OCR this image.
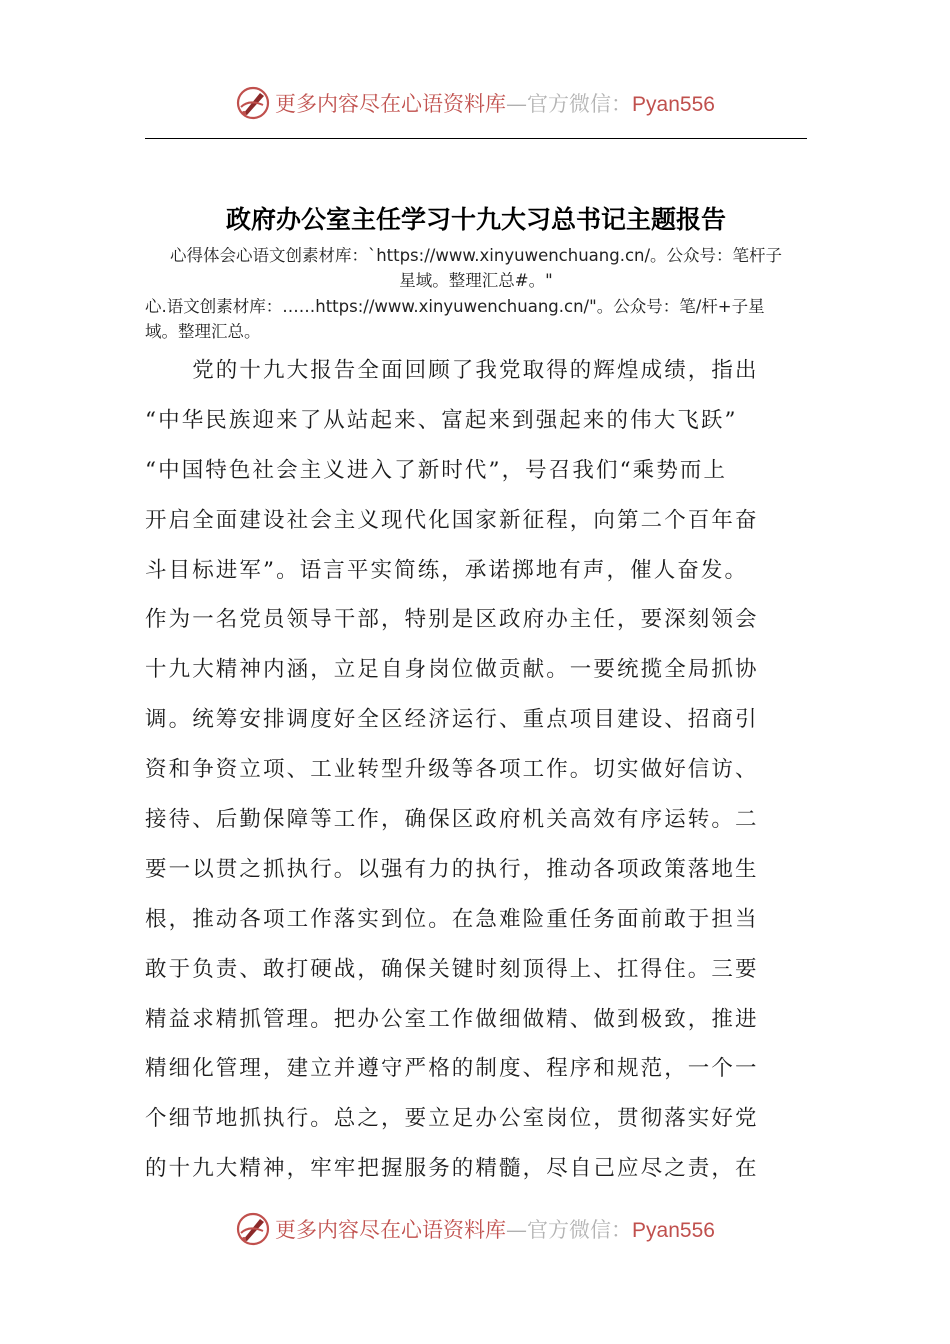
更多内容尽在心语资料库—官方微信：Pyan556
政府办公室主任学习十九大习总书记主题报告
心得体会心语文创素材库：`https://www.xinyuwenchuang.cn/。公众号：笔杆子
星域。整理汇总#。"
心.语文创素材库：……https://www.xinyuwenchuang.cn/"。公众号：笔/杆+子星
域。整理汇总。
　　党的十九大报告全面回顾了我党取得的辉煌成绩，指出
“中华民族迎来了从站起来、富起来到强起来的伟大飞跃”
“中国特色社会主义进入了新时代”，号召我们“乘势而上
开启全面建设社会主义现代化国家新征程，向第二个百年奋
斗目标进军”。语言平实简练，承诺掷地有声，催人奋发。
作为一名党员领导干部，特别是区政府办主任，要深刻领会
十九大精神内涵，立足自身岗位做贡献。一要统揽全局抓协
调。统筹安排调度好全区经济运行、重点项目建设、招商引
资和争资立项、工业转型升级等各项工作。切实做好信访、
接待、后勤保障等工作，确保区政府机关高效有序运转。二
要一以贯之抓执行。以强有力的执行，推动各项政策落地生
根，推动各项工作落实到位。在急难险重任务面前敢于担当
敢于负责、敢打硬战，确保关键时刻顶得上、扛得住。三要
精益求精抓管理。把办公室工作做细做精、做到极致，推进
精细化管理，建立并遵守严格的制度、程序和规范，一个一
个细节地抓执行。总之，要立足办公室岗位，贯彻落实好党
的十九大精神，牢牢把握服务的精髓，尽自己应尽之责，在
更多内容尽在心语资料库—官方微信：Pyan556
